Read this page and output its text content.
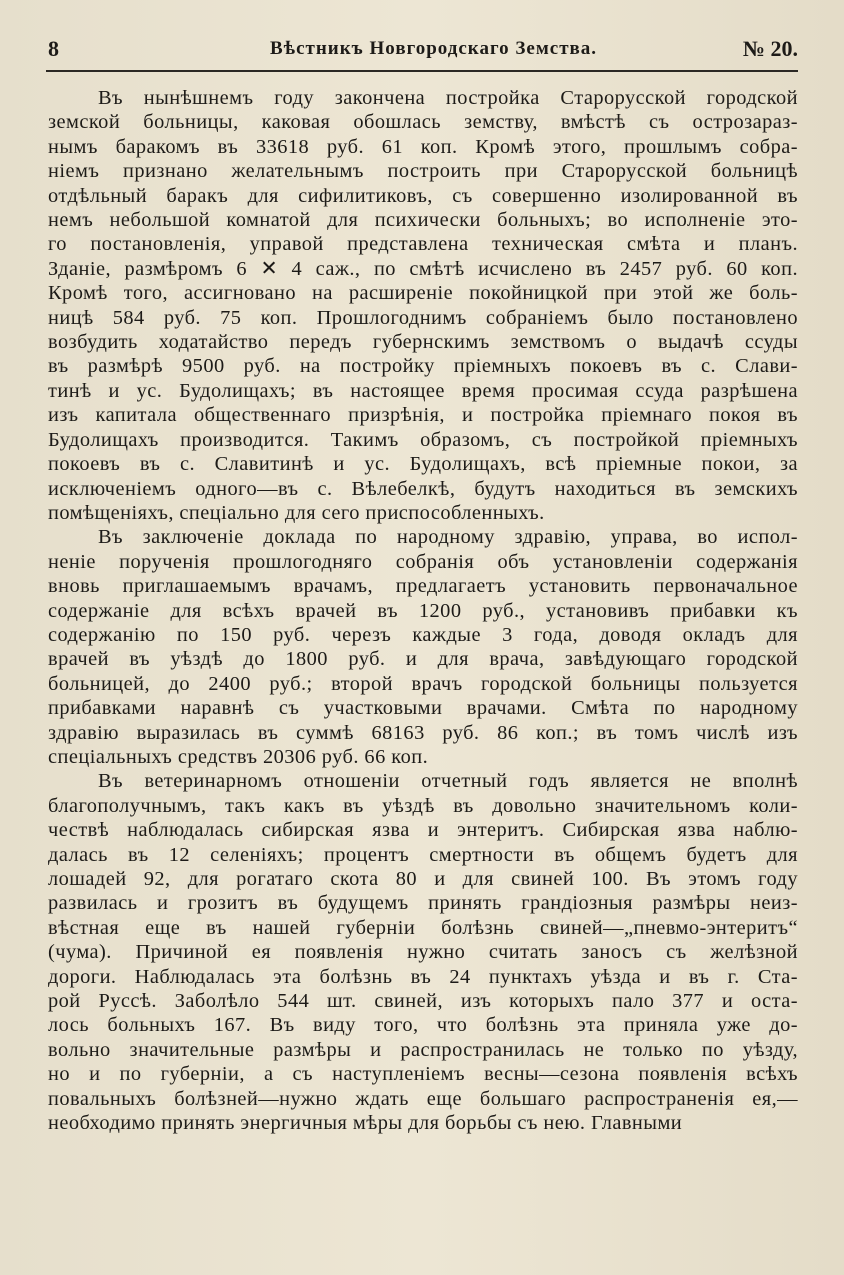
8	Вѣстникъ Новгородскаго Земства.	№ 20.

Въ нынѣшнемъ году закончена постройка Старорусской городской
земской больницы, каковая обошлась земству, вмѣстѣ съ острозараз-
нымъ баракомъ въ 33618 руб. 61 коп. Кромѣ этого, прошлымъ собра-
ніемъ признано желательнымъ построить при Старорусской больницѣ
отдѣльный баракъ для сифилитиковъ, съ совершенно изолированной въ
немъ небольшой комнатой для психически больныхъ; во исполненіе это-
го постановленія, управой представлена техническая смѣта и планъ.
Зданіе, размѣромъ 6 ✕ 4 саж., по смѣтѣ исчислено въ 2457 руб. 60 коп.
Кромѣ того, ассигновано на расширеніе покойницкой при этой же боль-
ницѣ 584 руб. 75 коп. Прошлогоднимъ собраніемъ было постановлено
возбудить ходатайство передъ губернскимъ земствомъ о выдачѣ ссуды
въ размѣрѣ 9500 руб. на постройку пріемныхъ покоевъ въ с. Слави-
тинѣ и ус. Будолищахъ; въ настоящее время просимая ссуда разрѣшена
изъ капитала общественнаго призрѣнія, и постройка пріемнаго покоя въ
Будолищахъ производится. Такимъ образомъ, съ постройкой пріемныхъ
покоевъ въ с. Славитинѣ и ус. Будолищахъ, всѣ пріемные покои, за
исключеніемъ одного—въ с. Вѣлебелкѣ, будутъ находиться въ земскихъ
помѣщеніяхъ, спеціально для сего приспособленныхъ.

Въ заключеніе доклада по народному здравію, управа, во испол-
неніе порученія прошлогодняго собранія объ установленіи содержанія
вновь приглашаемымъ врачамъ, предлагаетъ установить первоначальное
содержаніе для всѣхъ врачей въ 1200 руб., установивъ прибавки къ
содержанію по 150 руб. черезъ каждые 3 года, доводя окладъ для
врачей въ уѣздѣ до 1800 руб. и для врача, завѣдующаго городской
больницей, до 2400 руб.; второй врачъ городской больницы пользуется
прибавками наравнѣ съ участковыми врачами. Смѣта по народному
здравію выразилась въ суммѣ 68163 руб. 86 коп.; въ томъ числѣ изъ
спеціальныхъ средствъ 20306 руб. 66 коп.

Въ ветеринарномъ отношеніи отчетный годъ является не вполнѣ
благополучнымъ, такъ какъ въ уѣздѣ въ довольно значительномъ коли-
чествѣ наблюдалась сибирская язва и энтеритъ. Сибирская язва наблю-
далась въ 12 селеніяхъ; процентъ смертности въ общемъ будетъ для
лошадей 92, для рогатаго скота 80 и для свиней 100. Въ этомъ году
развилась и грозитъ въ будущемъ принять грандіозныя размѣры неиз-
вѣстная еще въ нашей губерніи болѣзнь свиней—„пневмо-энтеритъ“
(чума). Причиной ея появленія нужно считать заносъ съ желѣзной
дороги. Наблюдалась эта болѣзнь въ 24 пунктахъ уѣзда и въ г. Ста-
рой Руссѣ. Заболѣло 544 шт. свиней, изъ которыхъ пало 377 и оста-
лось больныхъ 167. Въ виду того, что болѣзнь эта приняла уже до-
вольно значительные размѣры и распространилась не только по уѣзду,
но и по губерніи, а съ наступленіемъ весны—сезона появленія всѣхъ
повальныхъ болѣзней—нужно ждать еще большаго распространенія ея,—
необходимо принять энергичныя мѣры для борьбы съ нею. Главными
